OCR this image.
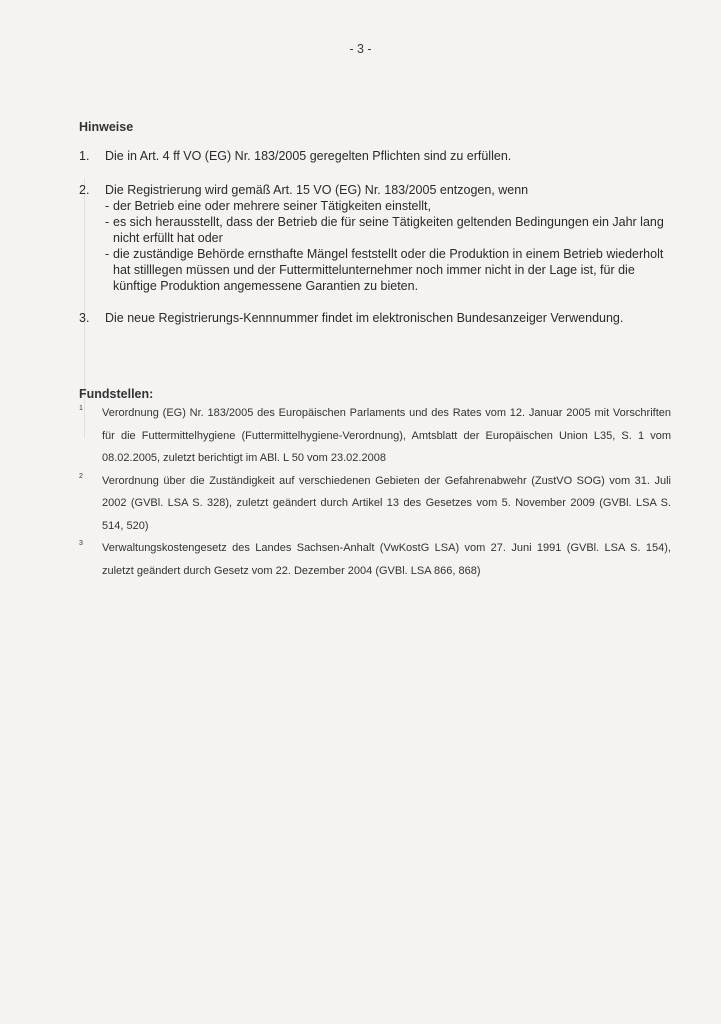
- 3 -
Hinweise
1. Die in Art. 4 ff VO (EG) Nr. 183/2005 geregelten Pflichten sind zu erfüllen.
2. Die Registrierung wird gemäß Art. 15 VO (EG) Nr. 183/2005 entzogen, wenn
- der Betrieb eine oder mehrere seiner Tätigkeiten einstellt,
- es sich herausstellt, dass der Betrieb die für seine Tätigkeiten geltenden Bedingungen ein Jahr lang nicht erfüllt hat oder
- die zuständige Behörde ernsthafte Mängel feststellt oder die Produktion in einem Betrieb wiederholt hat stilllegen müssen und der Futtermittelunternehmer noch immer nicht in der Lage ist, für die künftige Produktion angemessene Garantien zu bieten.
3. Die neue Registrierungs-Kennnummer findet im elektronischen Bundesanzeiger Verwendung.
Fundstellen:
1 Verordnung (EG) Nr. 183/2005 des Europäischen Parlaments und des Rates vom 12. Januar 2005 mit Vorschriften für die Futtermittelhygiene (Futtermittelhygiene-Verordnung), Amtsblatt der Europäischen Union L35, S. 1 vom 08.02.2005, zuletzt berichtigt im ABl. L 50 vom 23.02.2008
2 Verordnung über die Zuständigkeit auf verschiedenen Gebieten der Gefahrenabwehr (ZustVO SOG) vom 31. Juli 2002 (GVBl. LSA S. 328), zuletzt geändert durch Artikel 13 des Gesetzes vom 5. November 2009 (GVBl. LSA S. 514, 520)
3 Verwaltungskostengesetz des Landes Sachsen-Anhalt (VwKostG LSA) vom 27. Juni 1991 (GVBl. LSA S. 154), zuletzt geändert durch Gesetz vom 22. Dezember 2004 (GVBl. LSA 866, 868)
